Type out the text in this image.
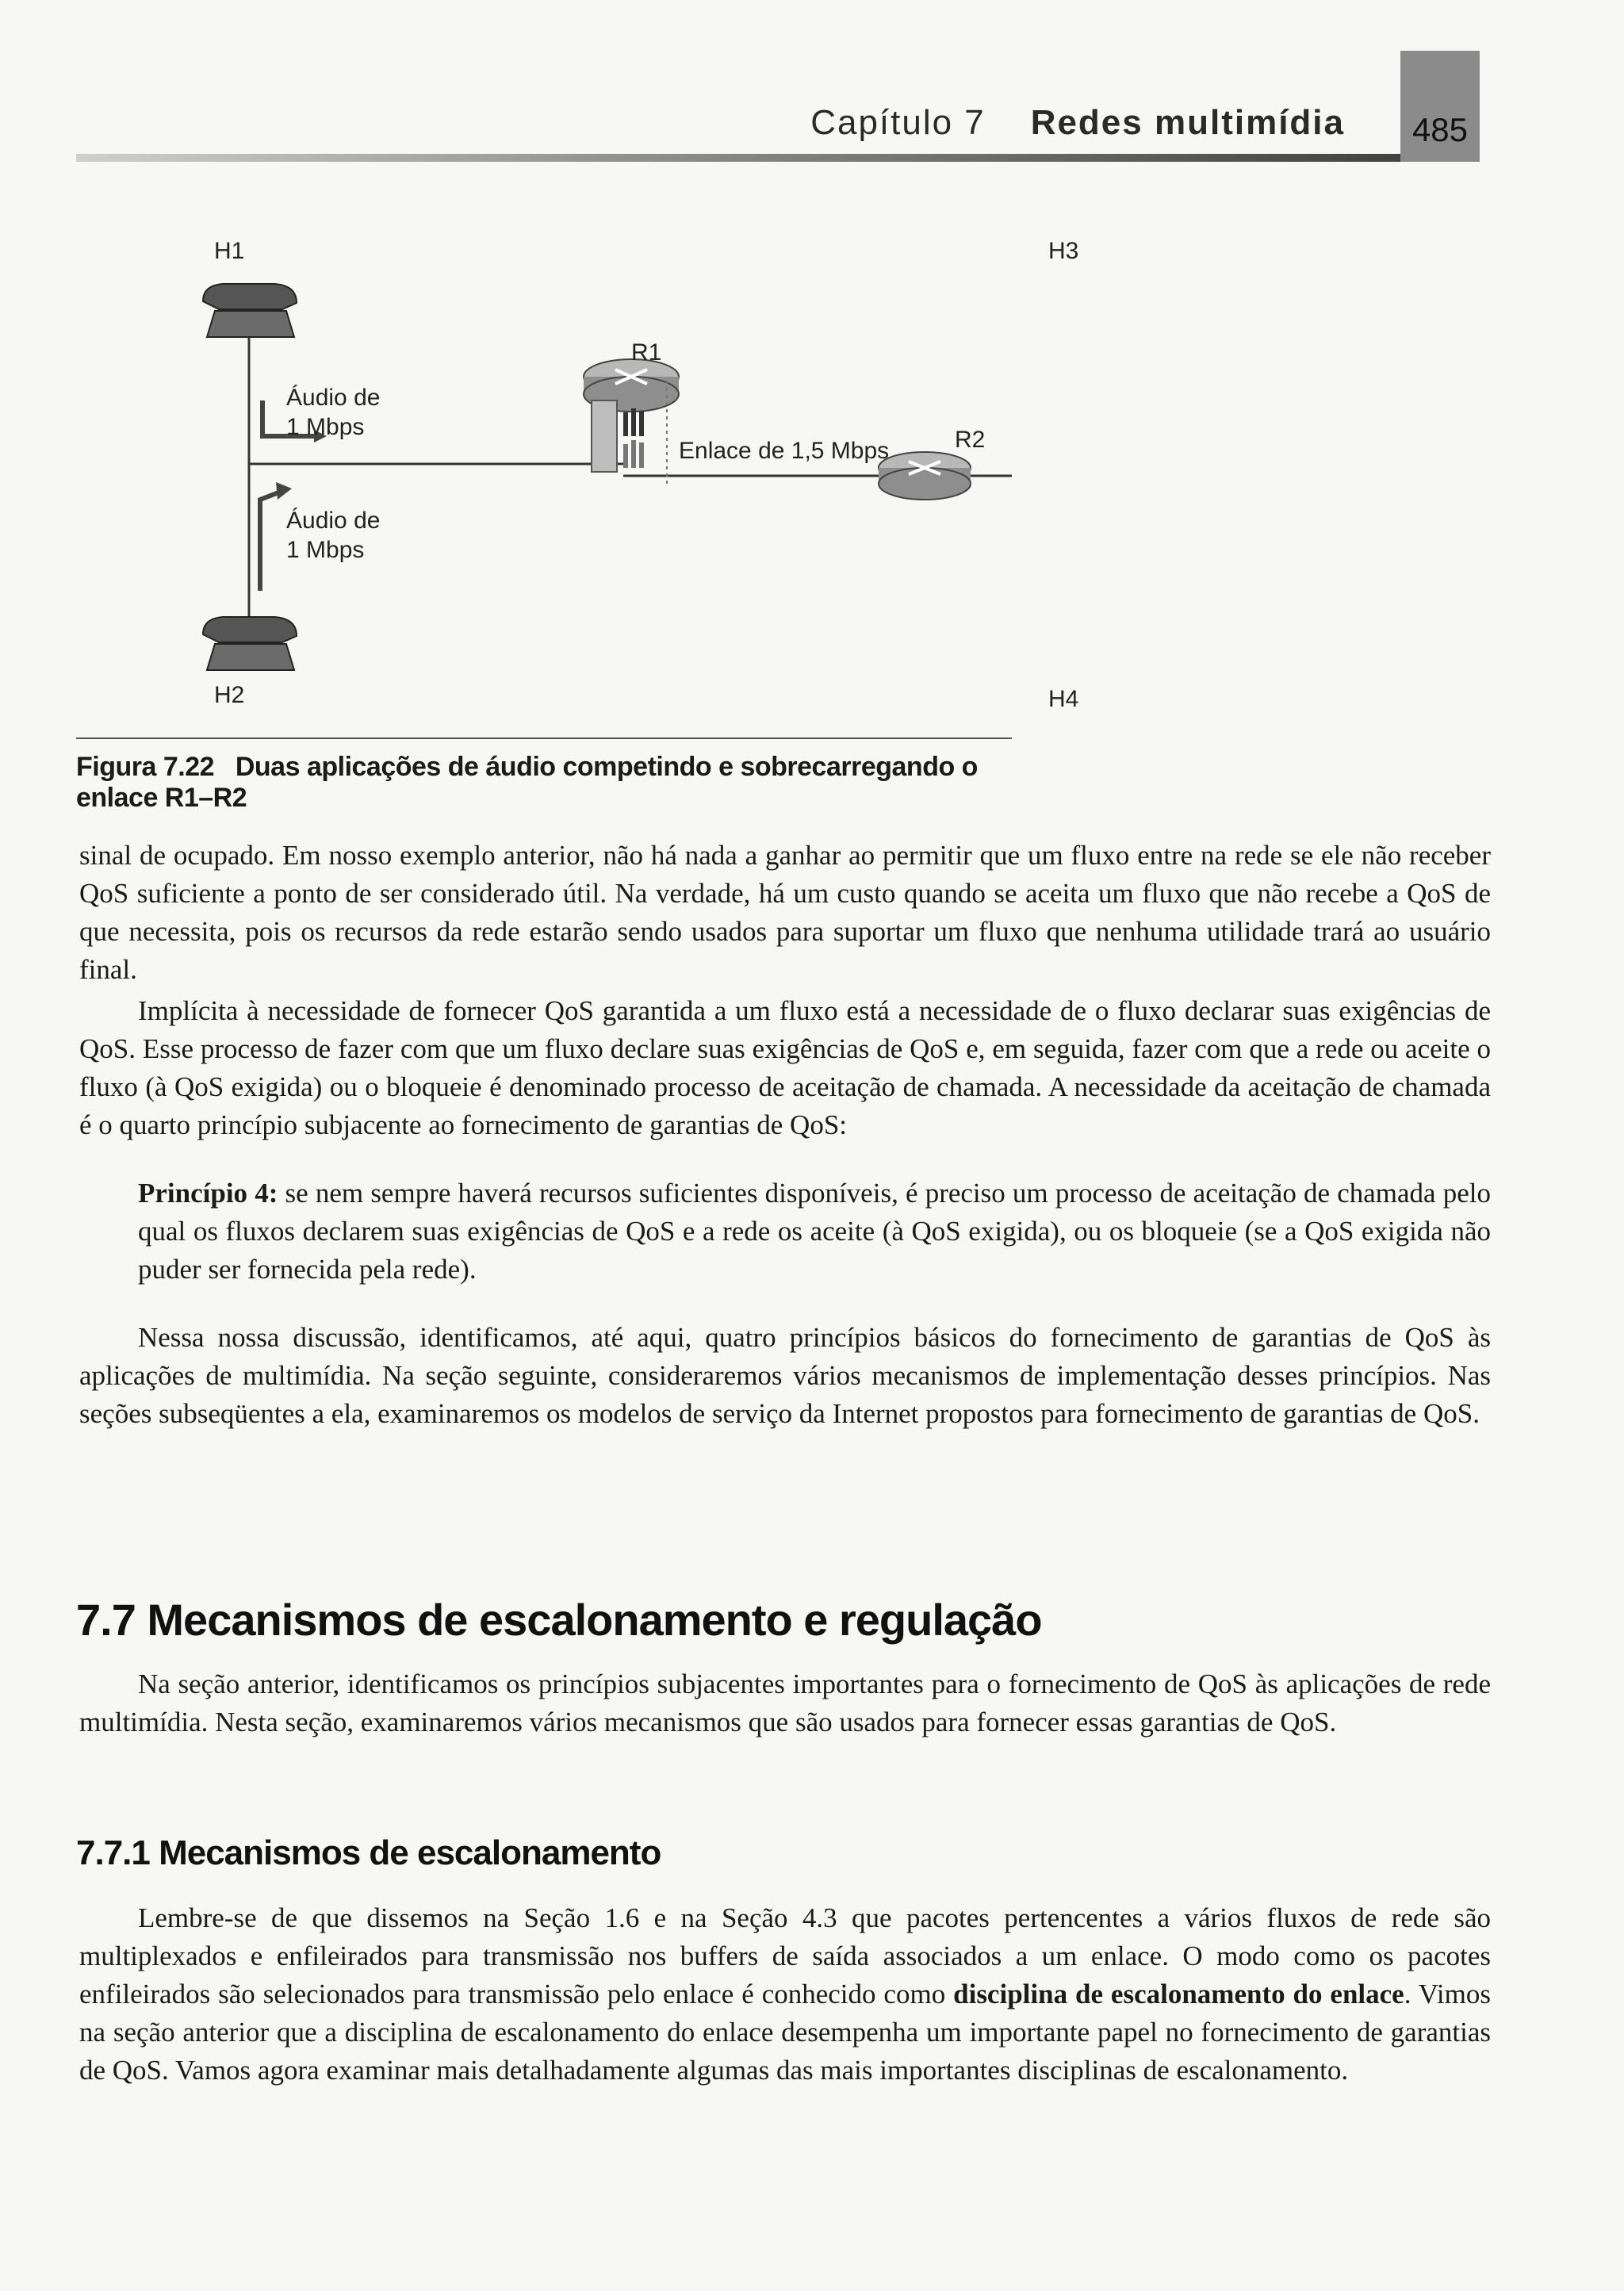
Capítulo 7 Redes multimídia	485
H1	H3
H2	H4
R1
R2
Áudio de
1 Mbps
Áudio de
1 Mbps
Enlace de 1,5 Mbps
Figura 7.22 Duas aplicações de áudio competindo e sobrecarregando o enlace R1–R2

sinal de ocupado. Em nosso exemplo anterior, não há nada a ganhar ao permitir que um fluxo entre na rede se ele não receber QoS suficiente a ponto de ser considerado útil. Na verdade, há um custo quando se aceita um fluxo que não recebe a QoS de que necessita, pois os recursos da rede estarão sendo usados para suportar um fluxo que nenhuma utilidade trará ao usuário final.

Implícita à necessidade de fornecer QoS garantida a um fluxo está a necessidade de o fluxo declarar suas exigências de QoS. Esse processo de fazer com que um fluxo declare suas exigências de QoS e, em seguida, fazer com que a rede ou aceite o fluxo (à QoS exigida) ou o bloqueie é denominado processo de aceitação de chamada. A necessidade da aceitação de chamada é o quarto princípio subjacente ao fornecimento de garantias de QoS:

Princípio 4: se nem sempre haverá recursos suficientes disponíveis, é preciso um processo de aceitação de chamada pelo qual os fluxos declarem suas exigências de QoS e a rede os aceite (à QoS exigida), ou os bloqueie (se a QoS exigida não puder ser fornecida pela rede).

Nessa nossa discussão, identificamos, até aqui, quatro princípios básicos do fornecimento de garantias de QoS às aplicações de multimídia. Na seção seguinte, consideraremos vários mecanismos de implementação desses princípios. Nas seções subseqüentes a ela, examinaremos os modelos de serviço da Internet propostos para fornecimento de garantias de QoS.

7.7 Mecanismos de escalonamento e regulação

Na seção anterior, identificamos os princípios subjacentes importantes para o fornecimento de QoS às aplicações de rede multimídia. Nesta seção, examinaremos vários mecanismos que são usados para fornecer essas garantias de QoS.

7.7.1 Mecanismos de escalonamento

Lembre-se de que dissemos na Seção 1.6 e na Seção 4.3 que pacotes pertencentes a vários fluxos de rede são multiplexados e enfileirados para transmissão nos buffers de saída associados a um enlace. O modo como os pacotes enfileirados são selecionados para transmissão pelo enlace é conhecido como disciplina de escalonamento do enlace. Vimos na seção anterior que a disciplina de escalonamento do enlace desempenha um importante papel no fornecimento de garantias de QoS. Vamos agora examinar mais detalhadamente algumas das mais importantes disciplinas de escalonamento.
